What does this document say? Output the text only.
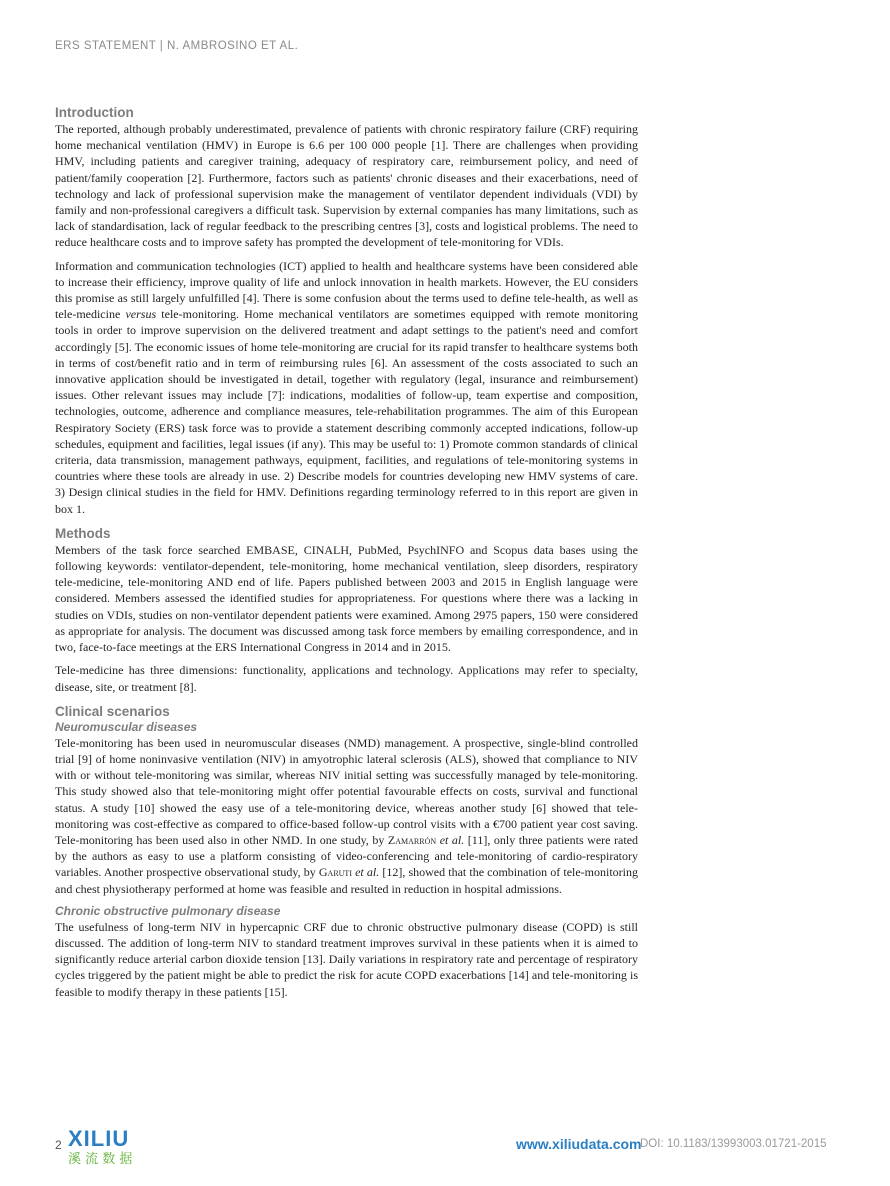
ERS STATEMENT | N. AMBROSINO ET AL.
Introduction

The reported, although probably underestimated, prevalence of patients with chronic respiratory failure (CRF) requiring home mechanical ventilation (HMV) in Europe is 6.6 per 100 000 people [1]. There are challenges when providing HMV, including patients and caregiver training, adequacy of respiratory care, reimbursement policy, and need of patient/family cooperation [2]. Furthermore, factors such as patients' chronic diseases and their exacerbations, need of technology and lack of professional supervision make the management of ventilator dependent individuals (VDI) by family and non-professional caregivers a difficult task. Supervision by external companies has many limitations, such as lack of standardisation, lack of regular feedback to the prescribing centres [3], costs and logistical problems. The need to reduce healthcare costs and to improve safety has prompted the development of tele-monitoring for VDIs.

Information and communication technologies (ICT) applied to health and healthcare systems have been considered able to increase their efficiency, improve quality of life and unlock innovation in health markets. However, the EU considers this promise as still largely unfulfilled [4]. There is some confusion about the terms used to define tele-health, as well as tele-medicine versus tele-monitoring. Home mechanical ventilators are sometimes equipped with remote monitoring tools in order to improve supervision on the delivered treatment and adapt settings to the patient's need and comfort accordingly [5]. The economic issues of home tele-monitoring are crucial for its rapid transfer to healthcare systems both in terms of cost/benefit ratio and in term of reimbursing rules [6]. An assessment of the costs associated to such an innovative application should be investigated in detail, together with regulatory (legal, insurance and reimbursement) issues. Other relevant issues may include [7]: indications, modalities of follow-up, team expertise and composition, technologies, outcome, adherence and compliance measures, tele-rehabilitation programmes. The aim of this European Respiratory Society (ERS) task force was to provide a statement describing commonly accepted indications, follow-up schedules, equipment and facilities, legal issues (if any). This may be useful to: 1) Promote common standards of clinical criteria, data transmission, management pathways, equipment, facilities, and regulations of tele-monitoring systems in countries where these tools are already in use. 2) Describe models for countries developing new HMV systems of care. 3) Design clinical studies in the field for HMV. Definitions regarding terminology referred to in this report are given in box 1.

Methods

Members of the task force searched EMBASE, CINALH, PubMed, PsychINFO and Scopus data bases using the following keywords: ventilator-dependent, tele-monitoring, home mechanical ventilation, sleep disorders, respiratory tele-medicine, tele-monitoring AND end of life. Papers published between 2003 and 2015 in English language were considered. Members assessed the identified studies for appropriateness. For questions where there was a lacking in studies on VDIs, studies on non-ventilator dependent patients were examined. Among 2975 papers, 150 were considered as appropriate for analysis. The document was discussed among task force members by emailing correspondence, and in two, face-to-face meetings at the ERS International Congress in 2014 and in 2015.

Tele-medicine has three dimensions: functionality, applications and technology. Applications may refer to specialty, disease, site, or treatment [8].

Clinical scenarios
Neuromuscular diseases

Tele-monitoring has been used in neuromuscular diseases (NMD) management. A prospective, single-blind controlled trial [9] of home noninvasive ventilation (NIV) in amyotrophic lateral sclerosis (ALS), showed that compliance to NIV with or without tele-monitoring was similar, whereas NIV initial setting was successfully managed by tele-monitoring. This study showed also that tele-monitoring might offer potential favourable effects on costs, survival and functional status. A study [10] showed the easy use of a tele-monitoring device, whereas another study [6] showed that tele-monitoring was cost-effective as compared to office-based follow-up control visits with a €700 patient year cost saving. Tele-monitoring has been used also in other NMD. In one study, by Zamarrón et al. [11], only three patients were rated by the authors as easy to use a platform consisting of video-conferencing and tele-monitoring of cardio-respiratory variables. Another prospective observational study, by Garuti et al. [12], showed that the combination of tele-monitoring and chest physiotherapy performed at home was feasible and resulted in reduction in hospital admissions.

Chronic obstructive pulmonary disease

The usefulness of long-term NIV in hypercapnic CRF due to chronic obstructive pulmonary disease (COPD) is still discussed. The addition of long-term NIV to standard treatment improves survival in these patients when it is aimed to significantly reduce arterial carbon dioxide tension [13]. Daily variations in respiratory rate and percentage of respiratory cycles triggered by the patient might be able to predict the risk for acute COPD exacerbations [14] and tele-monitoring is feasible to modify therapy in these patients [15].

2 XILIU
溪 流 数 据
www.xiliudata.com
DOI: 10.1183/13993003.01721-2015
